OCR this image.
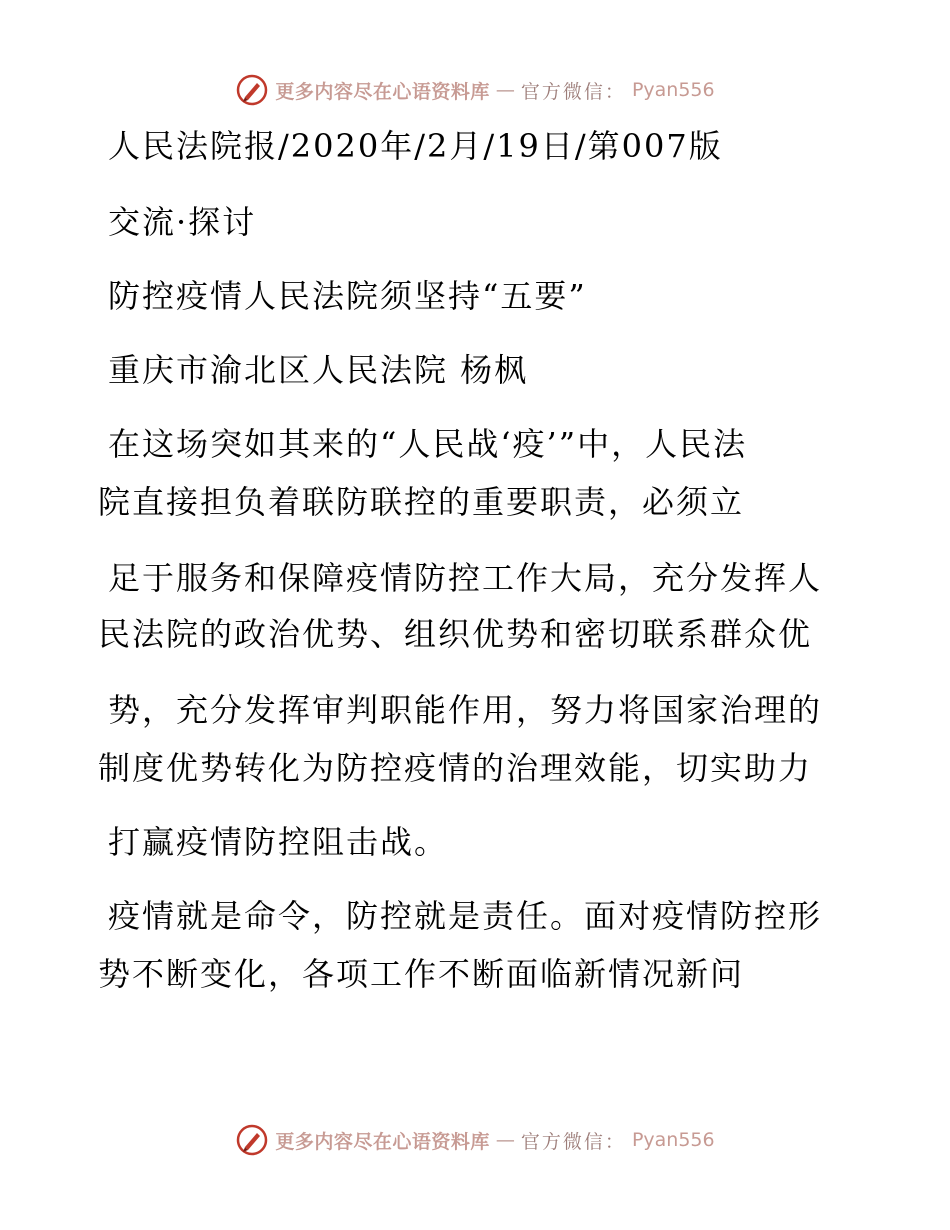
更多内容尽在心语资料库 — 官方微信： Pyan556
人民法院报/2020年/2月/19日/第007版
交流·探讨
防控疫情人民法院须坚持“五要”
重庆市渝北区人民法院 杨枫
在这场突如其来的“人民战‘疫’”中，人民法
院直接担负着联防联控的重要职责，必须立
足于服务和保障疫情防控工作大局，充分发挥人
民法院的政治优势、组织优势和密切联系群众优
势，充分发挥审判职能作用，努力将国家治理的
制度优势转化为防控疫情的治理效能，切实助力
打赢疫情防控阻击战。
疫情就是命令，防控就是责任。面对疫情防控形
势不断变化，各项工作不断面临新情况新问
更多内容尽在心语资料库 — 官方微信： Pyan556
